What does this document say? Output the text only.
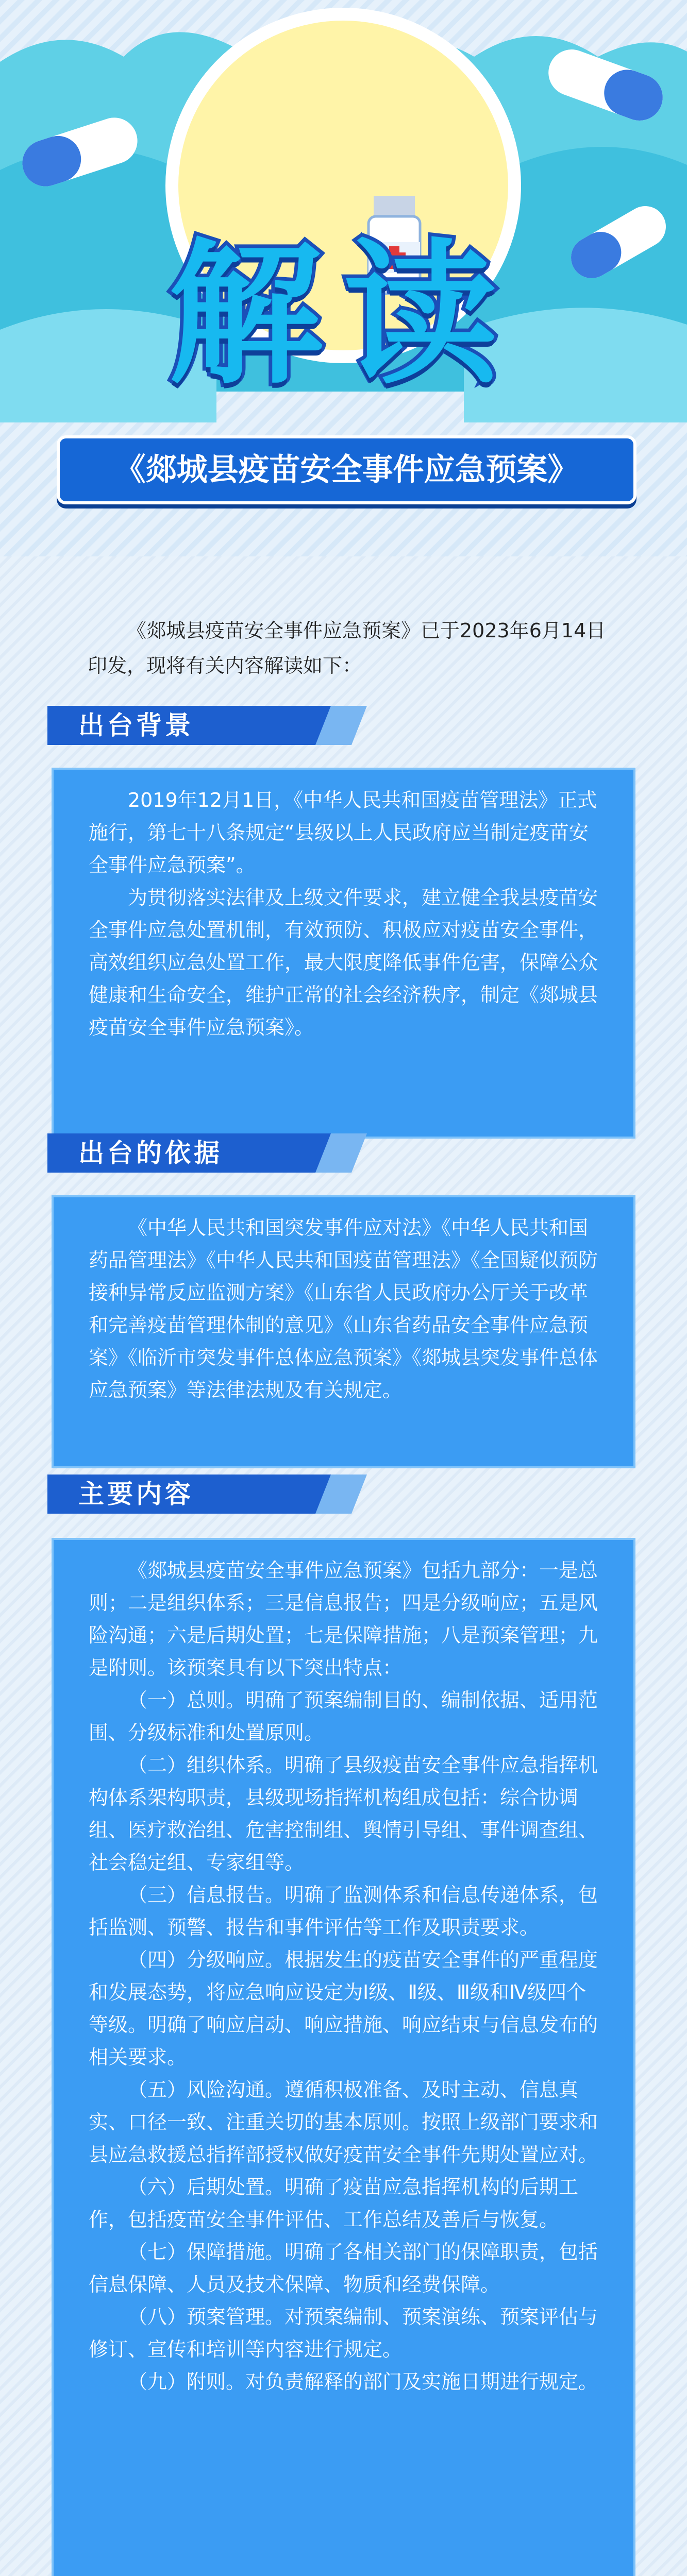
解读
《郯城县疫苗安全事件应急预案》
《郯城县疫苗安全事件应急预案》已于2023年6月14日印发，现将有关内容解读如下：
出台背景

2019年12月1日，《中华人民共和国疫苗管理法》正式施行，第七十八条规定“县级以上人民政府应当制定疫苗安全事件应急预案”。

为贯彻落实法律及上级文件要求，建立健全我县疫苗安全事件应急处置机制，有效预防、积极应对疫苗安全事件，高效组织应急处置工作，最大限度降低事件危害，保障公众健康和生命安全，维护正常的社会经济秩序，制定《郯城县疫苗安全事件应急预案》。

出台的依据

《中华人民共和国突发事件应对法》《中华人民共和国药品管理法》《中华人民共和国疫苗管理法》《全国疑似预防接种异常反应监测方案》《山东省人民政府办公厅关于改革和完善疫苗管理体制的意见》《山东省药品安全事件应急预案》《临沂市突发事件总体应急预案》《郯城县突发事件总体应急预案》等法律法规及有关规定。

主要内容

《郯城县疫苗安全事件应急预案》包括九部分：一是总则；二是组织体系；三是信息报告；四是分级响应；五是风险沟通；六是后期处置；七是保障措施；八是预案管理；九是附则。该预案具有以下突出特点：

（一）总则。明确了预案编制目的、编制依据、适用范围、分级标准和处置原则。

（二）组织体系。明确了县级疫苗安全事件应急指挥机构体系架构职责，县级现场指挥机构组成包括：综合协调组、医疗救治组、危害控制组、舆情引导组、事件调查组、社会稳定组、专家组等。

（三）信息报告。明确了监测体系和信息传递体系，包括监测、预警、报告和事件评估等工作及职责要求。

（四）分级响应。根据发生的疫苗安全事件的严重程度和发展态势，将应急响应设定为Ⅰ级、Ⅱ级、Ⅲ级和Ⅳ级四个等级。明确了响应启动、响应措施、响应结束与信息发布的相关要求。

（五）风险沟通。遵循积极准备、及时主动、信息真实、口径一致、注重关切的基本原则。按照上级部门要求和县应急救援总指挥部授权做好疫苗安全事件先期处置应对。

（六）后期处置。明确了疫苗应急指挥机构的后期工作，包括疫苗安全事件评估、工作总结及善后与恢复。

（七）保障措施。明确了各相关部门的保障职责，包括信息保障、人员及技术保障、物质和经费保障。

（八）预案管理。对预案编制、预案演练、预案评估与修订、宣传和培训等内容进行规定。

（九）附则。对负责解释的部门及实施日期进行规定。
